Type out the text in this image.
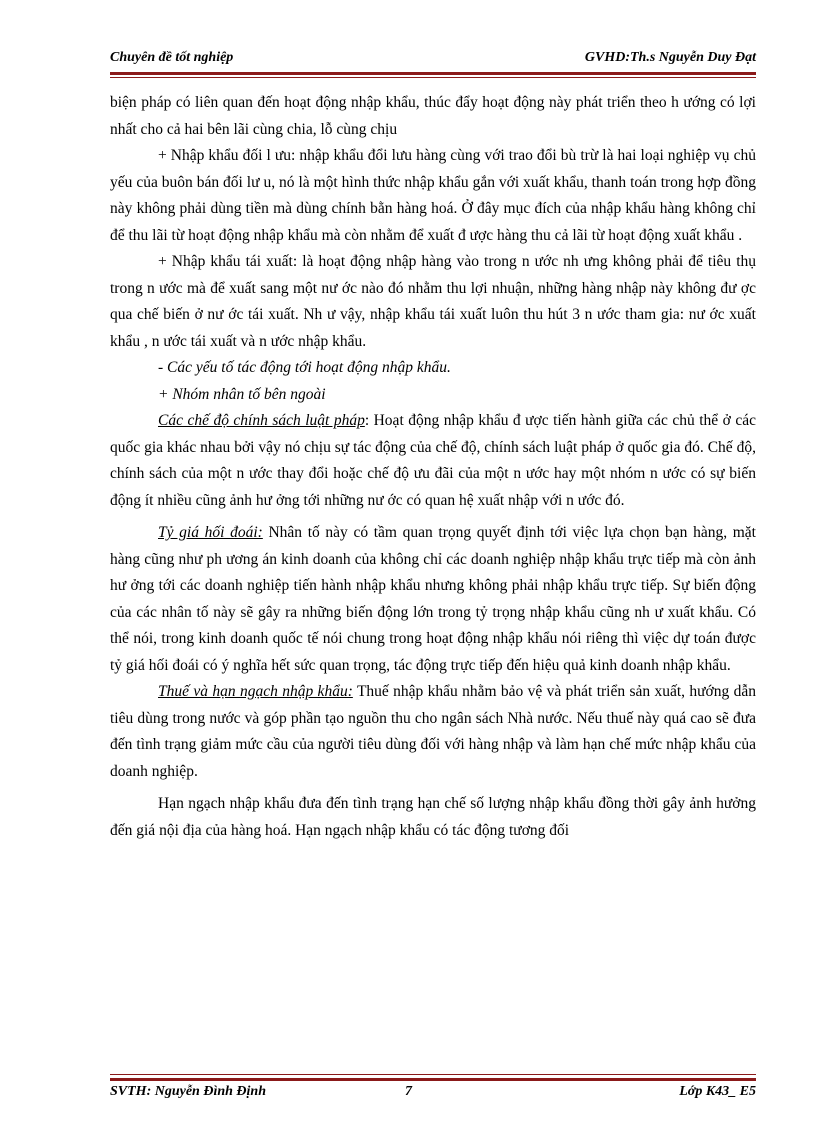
Chuyên đề tốt nghiệp	GVHD:Th.s Nguyễn Duy Đạt

biện pháp có liên quan đến hoạt động nhập khẩu, thúc đẩy hoạt động này phát triển theo h ướng có lợi nhất cho cả hai bên lãi cùng chia, lỗ cùng chịu

+ Nhập khẩu đối l ưu: nhập khẩu đổi lưu hàng cùng với trao đổi bù trừ là hai loại nghiệp vụ chủ yếu của buôn bán đối lư u, nó là một hình thức nhập khẩu gắn với xuất khẩu, thanh toán trong hợp đồng này không phải dùng tiền mà dùng chính bằn hàng hoá. Ở đây mục đích của nhập khẩu hàng không chỉ để thu lãi từ hoạt động nhập khẩu mà còn nhằm để xuất đ ược hàng thu cả lãi từ hoạt động xuất khẩu .

+ Nhập khẩu tái xuất: là hoạt động nhập hàng vào trong n ước nh ưng không phải để tiêu thụ trong n ước mà để xuất sang một nư ớc nào đó nhằm thu lợi nhuận, những hàng nhập này không đư ợc qua chế biến ở nư ớc tái xuất. Nh ư vậy, nhập khẩu tái xuất luôn thu hút 3 n ước tham gia: nư ớc xuất khẩu , n ước tái xuất và n ước nhập khẩu.

- Các yếu tố tác động tới hoạt động nhập khẩu.

+ Nhóm nhân tố bên ngoài

Các chế độ chính sách luật pháp: Hoạt động nhập khẩu đ ược tiến hành giữa các chủ thể ở các quốc gia khác nhau bởi vậy nó chịu sự tác động của chế độ, chính sách luật pháp ở quốc gia đó. Chế độ, chính sách của một n ước thay đổi hoặc chế độ ưu đãi của một n ước hay một nhóm n ước có sự biến động ít nhiều cũng ảnh hư ởng tới những nư ớc có quan hệ xuất nhập với n ước đó.

Tỷ giá hối đoái: Nhân tố này có tầm quan trọng quyết định tới việc lựa chọn bạn hàng, mặt hàng cũng như ph ương án kinh doanh của không chỉ các doanh nghiệp nhập khẩu trực tiếp mà còn ảnh hư ởng tới các doanh nghiệp tiến hành nhập khẩu nhưng không phải nhập khẩu trực tiếp. Sự biến động của các nhân tố này sẽ gây ra những biến động lớn trong tỷ trọng nhập khẩu cũng nh ư xuất khẩu. Có thể nói, trong kinh doanh quốc tế nói chung trong hoạt động nhập khẩu nói riêng thì việc dự toán được tỷ giá hối đoái có ý nghĩa hết sức quan trọng, tác động trực tiếp đến hiệu quả kinh doanh nhập khẩu.

Thuế và hạn ngạch nhập khẩu: Thuế nhập khẩu nhằm bảo vệ và phát triển sản xuất, hướng dẫn tiêu dùng trong nước và góp phần tạo nguồn thu cho ngân sách Nhà nước. Nếu thuế này quá cao sẽ đưa đến tình trạng giảm mức cầu của người tiêu dùng đối với hàng nhập và làm hạn chế mức nhập khẩu của doanh nghiệp.

Hạn ngạch nhập khẩu đưa đến tình trạng hạn chế số lượng nhập khẩu đồng thời gây ảnh hưởng đến giá nội địa của hàng hoá. Hạn ngạch nhập khẩu có tác động tương đối

SVTH: Nguyễn Đình Định	7	Lớp K43_ E5
